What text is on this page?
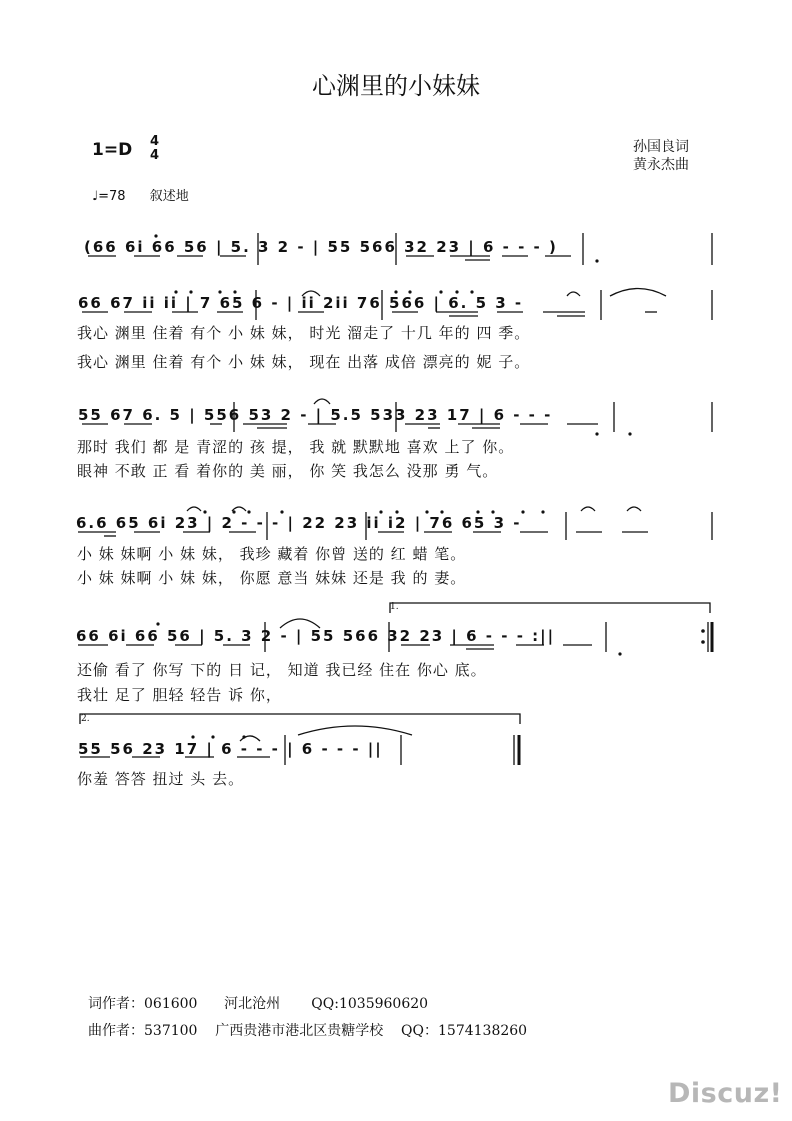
心渊里的小妹妹
1=D 4
4
孙国良词
黄永杰曲
♩=78 叙述地
(66 6i 66 56 | 5. 3 2 - | 55 566 32 23 | 6 - - - )
66 67 ii ii | 7 65 6 - | ii 2ii 76 566 | 6. 5 3 -
我心 渊里 住着 有个 小 妹 妹， 时光 溜走了 十几 年的 四 季。
我心 渊里 住着 有个 小 妹 妹， 现在 出落 成倍 漂亮的 妮 子。
55 67 6. 5 | 556 53 2 - | 5.5 533 23 17 | 6 - - -
那时 我们 都 是 青涩的 孩 提， 我 就 默默地 喜欢 上了 你。
眼神 不敢 正 看 着你的 美 丽， 你 笑 我怎么 没那 勇 气。
6.6 65 6i 23 | 2 - - - | 22 23 ii i2 | 76 65 3 -
小 妹 妹啊 小 妹 妹， 我珍 藏着 你曾 送的 红 蜡 笔。
小 妹 妹啊 小 妹 妹， 你愿 意当 妹妹 还是 我 的 妻。
1.
66 6i 66 56 | 5. 3 2 - | 55 566 32 23 | 6 - - - :||
还偷 看了 你写 下的 日 记， 知道 我已经 住在 你心 底。
我壮 足了 胆轻 轻告 诉 你，
2.
55 56 23 17 | 6 - - - | 6 - - - ||
你羞 答答 扭过 头 去。
词作者：061600      河北沧州       QQ:1035960620
曲作者：537100    广西贵港市港北区贵糖学校    QQ：1574138260
Discuz!
